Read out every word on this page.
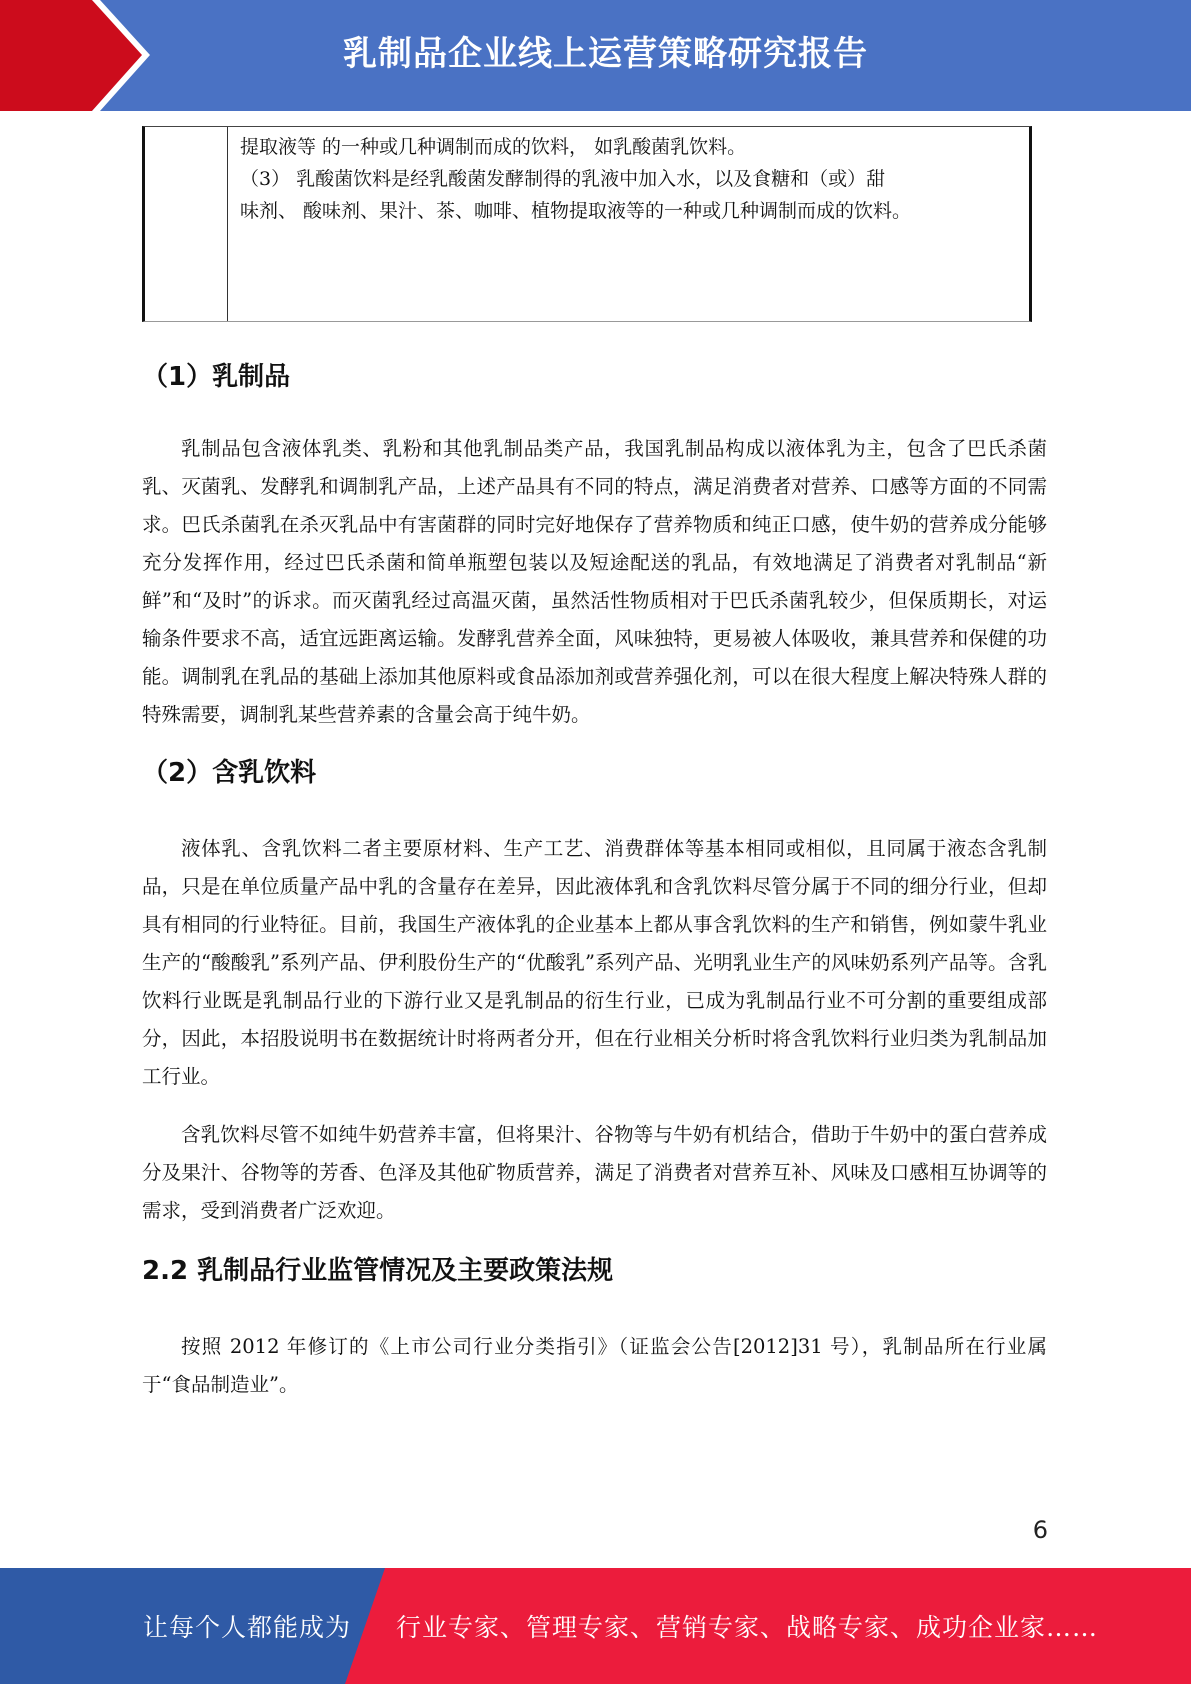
乳制品企业线上运营策略研究报告
提取液等 的一种或几种调制而成的饮料， 如乳酸菌乳饮料。
（3） 乳酸菌饮料是经乳酸菌发酵制得的乳液中加入水，以及食糖和（或）甜
味剂、 酸味剂、果汁、茶、咖啡、植物提取液等的一种或几种调制而成的饮料。
（1）乳制品

乳制品包含液体乳类、乳粉和其他乳制品类产品，我国乳制品构成以液体乳为主，包含了巴氏杀菌乳、灭菌乳、发酵乳和调制乳产品，上述产品具有不同的特点，满足消费者对营养、口感等方面的不同需求。巴氏杀菌乳在杀灭乳品中有害菌群的同时完好地保存了营养物质和纯正口感，使牛奶的营养成分能够充分发挥作用，经过巴氏杀菌和简单瓶塑包装以及短途配送的乳品，有效地满足了消费者对乳制品“新鲜”和“及时”的诉求。而灭菌乳经过高温灭菌，虽然活性物质相对于巴氏杀菌乳较少，但保质期长，对运输条件要求不高，适宜远距离运输。发酵乳营养全面，风味独特，更易被人体吸收，兼具营养和保健的功能。调制乳在乳品的基础上添加其他原料或食品添加剂或营养强化剂，可以在很大程度上解决特殊人群的特殊需要，调制乳某些营养素的含量会高于纯牛奶。

（2）含乳饮料

液体乳、含乳饮料二者主要原材料、生产工艺、消费群体等基本相同或相似，且同属于液态含乳制品，只是在单位质量产品中乳的含量存在差异，因此液体乳和含乳饮料尽管分属于不同的细分行业，但却具有相同的行业特征。目前，我国生产液体乳的企业基本上都从事含乳饮料的生产和销售，例如蒙牛乳业生产的“酸酸乳”系列产品、伊利股份生产的“优酸乳”系列产品、光明乳业生产的风味奶系列产品等。含乳饮料行业既是乳制品行业的下游行业又是乳制品的衍生行业，已成为乳制品行业不可分割的重要组成部分，因此，本招股说明书在数据统计时将两者分开，但在行业相关分析时将含乳饮料行业归类为乳制品加工行业。

含乳饮料尽管不如纯牛奶营养丰富，但将果汁、谷物等与牛奶有机结合，借助于牛奶中的蛋白营养成分及果汁、谷物等的芳香、色泽及其他矿物质营养，满足了消费者对营养互补、风味及口感相互协调等的需求，受到消费者广泛欢迎。

2.2 乳制品行业监管情况及主要政策法规

按照 2012 年修订的《上市公司行业分类指引》（证监会公告[2012]31 号），乳制品所在行业属于“食品制造业”。

6
让每个人都能成为 行业专家、管理专家、营销专家、战略专家、成功企业家……
